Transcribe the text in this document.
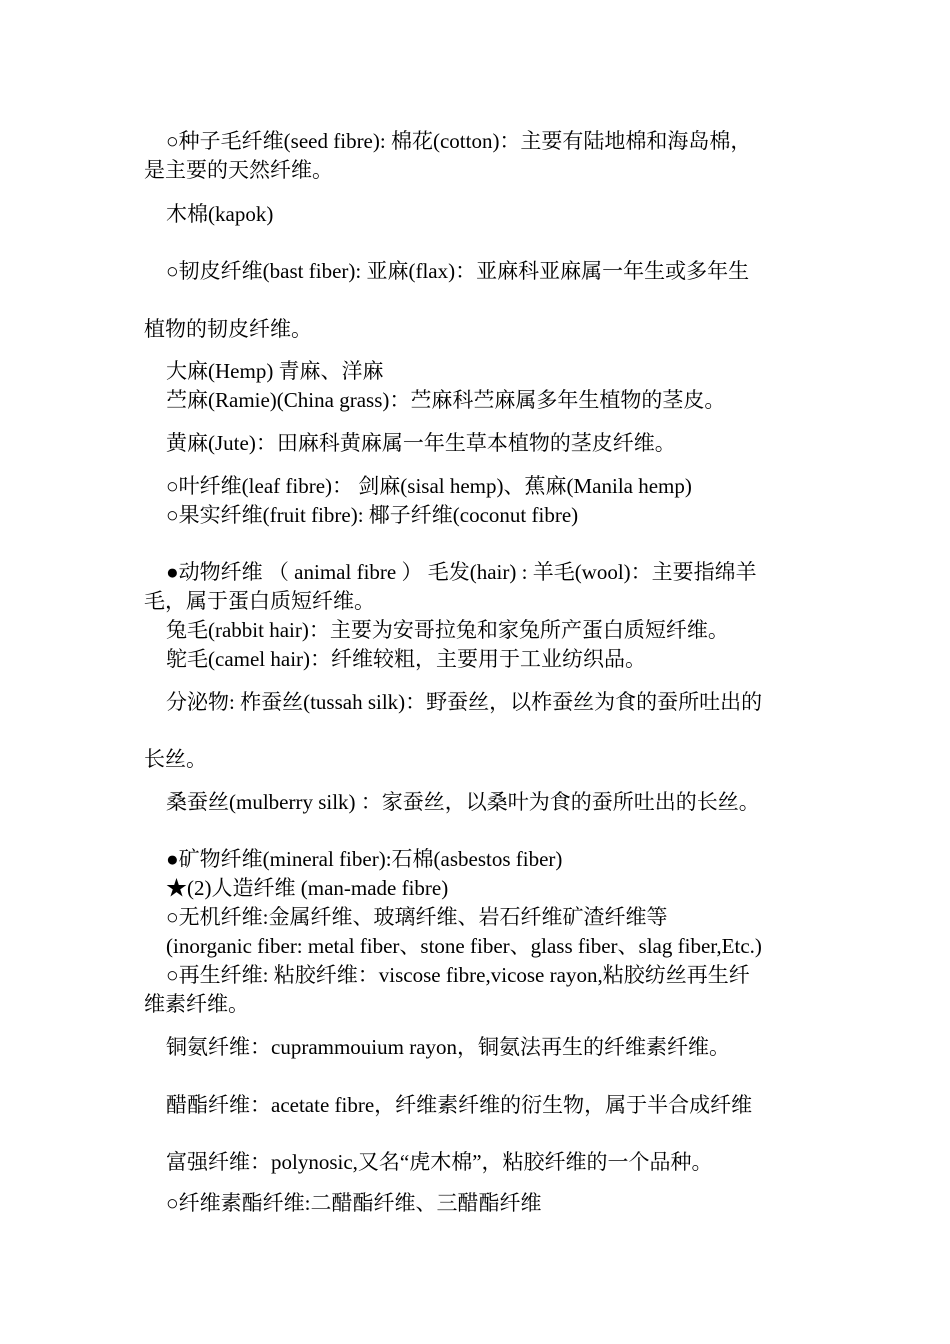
○种子毛纤维(seed fibre): 棉花(cotton)：主要有陆地棉和海岛棉，
是主要的天然纤维。
木棉(kapok)
○韧皮纤维(bast fiber): 亚麻(flax)：亚麻科亚麻属一年生或多年生
植物的韧皮纤维。
大麻(Hemp) 青麻、洋麻
苎麻(Ramie)(China grass)：苎麻科苎麻属多年生植物的茎皮。
黄麻(Jute)：田麻科黄麻属一年生草本植物的茎皮纤维。
○叶纤维(leaf fibre)： 剑麻(sisal hemp)、蕉麻(Manila hemp)
○果实纤维(fruit fibre): 椰子纤维(coconut fibre)
●动物纤维 （ animal fibre ） 毛发(hair) : 羊毛(wool)：主要指绵羊
毛，属于蛋白质短纤维。
兔毛(rabbit hair)：主要为安哥拉兔和家兔所产蛋白质短纤维。
鸵毛(camel hair)：纤维较粗，主要用于工业纺织品。
分泌物: 柞蚕丝(tussah silk)：野蚕丝，以柞蚕丝为食的蚕所吐出的
长丝。
桑蚕丝(mulberry silk) ：家蚕丝，以桑叶为食的蚕所吐出的长丝。
●矿物纤维(mineral fiber):石棉(asbestos fiber)
★(2)人造纤维 (man-made fibre)
○无机纤维:金属纤维、玻璃纤维、岩石纤维矿渣纤维等
(inorganic fiber: metal fiber、stone fiber、glass fiber、slag fiber,Etc.)
○再生纤维: 粘胶纤维：viscose fibre,vicose rayon,粘胶纺丝再生纤
维素纤维。
铜氨纤维：cuprammouium rayon，铜氨法再生的纤维素纤维。
醋酯纤维：acetate fibre，纤维素纤维的衍生物，属于半合成纤维
富强纤维：polynosic,又名“虎木棉”，粘胶纤维的一个品种。
○纤维素酯纤维:二醋酯纤维、三醋酯纤维
